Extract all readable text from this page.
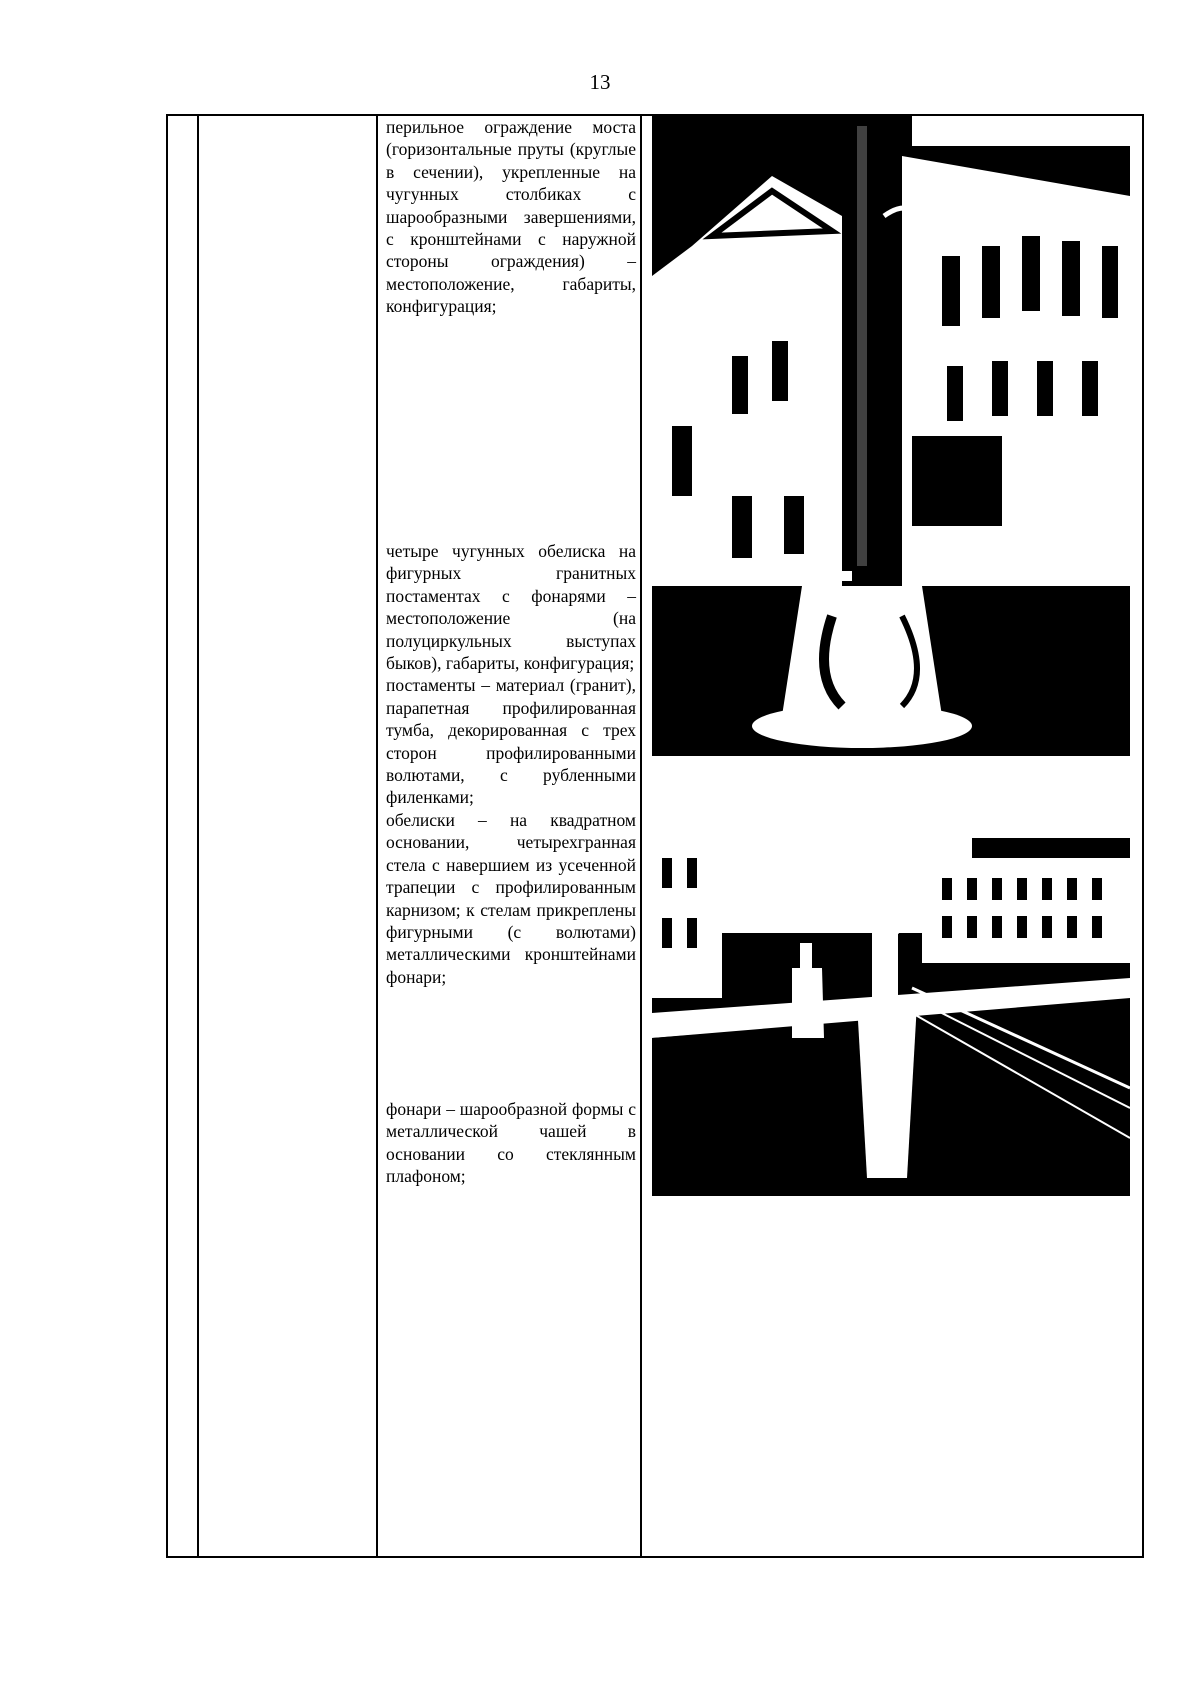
13

перильное ограждение моста (горизонтальные пруты (круглые в сечении), укрепленные на чугунных столбиках с шарообразными завершениями, с кронштейнами с наружной стороны ограждения) – местоположение, габариты, конфигурация;

четыре чугунных обелиска на фигурных гранитных постаментах с фонарями – местоположение (на полуциркульных выступах быков), габариты, конфигурация;

постаменты – материал (гранит), парапетная профилированная тумба, декорированная с трех сторон профилированными волютами, с рубленными филенками;

обелиски – на квадратном основании, четырехгранная стела с навершием из усеченной трапеции с профилированным карнизом; к стелам прикреплены фигурными (с волютами) металлическими кронштейнами фонари;

фонари – шарообразной формы с металлической чашей в основании со стеклянным плафоном;
